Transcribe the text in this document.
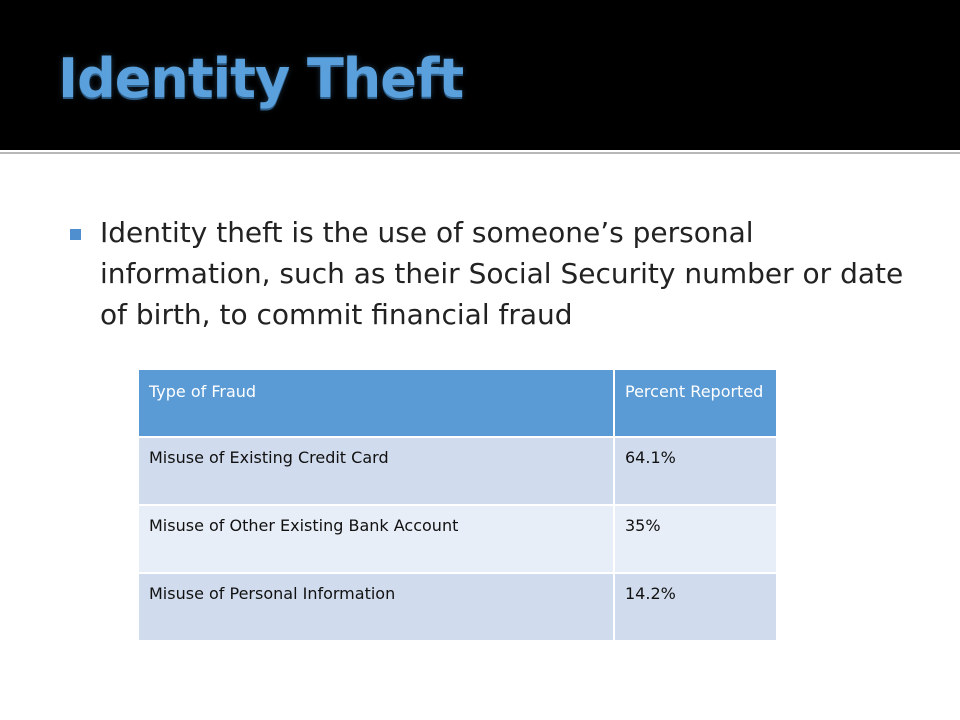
Identity Theft
Identity theft is the use of someone’s personal information, such as their Social Security number or date of birth, to commit financial fraud
Type of Fraud	Percent Reported
Misuse of Existing Credit Card	64.1%
Misuse of Other Existing Bank Account	35%
Misuse of Personal Information	14.2%
